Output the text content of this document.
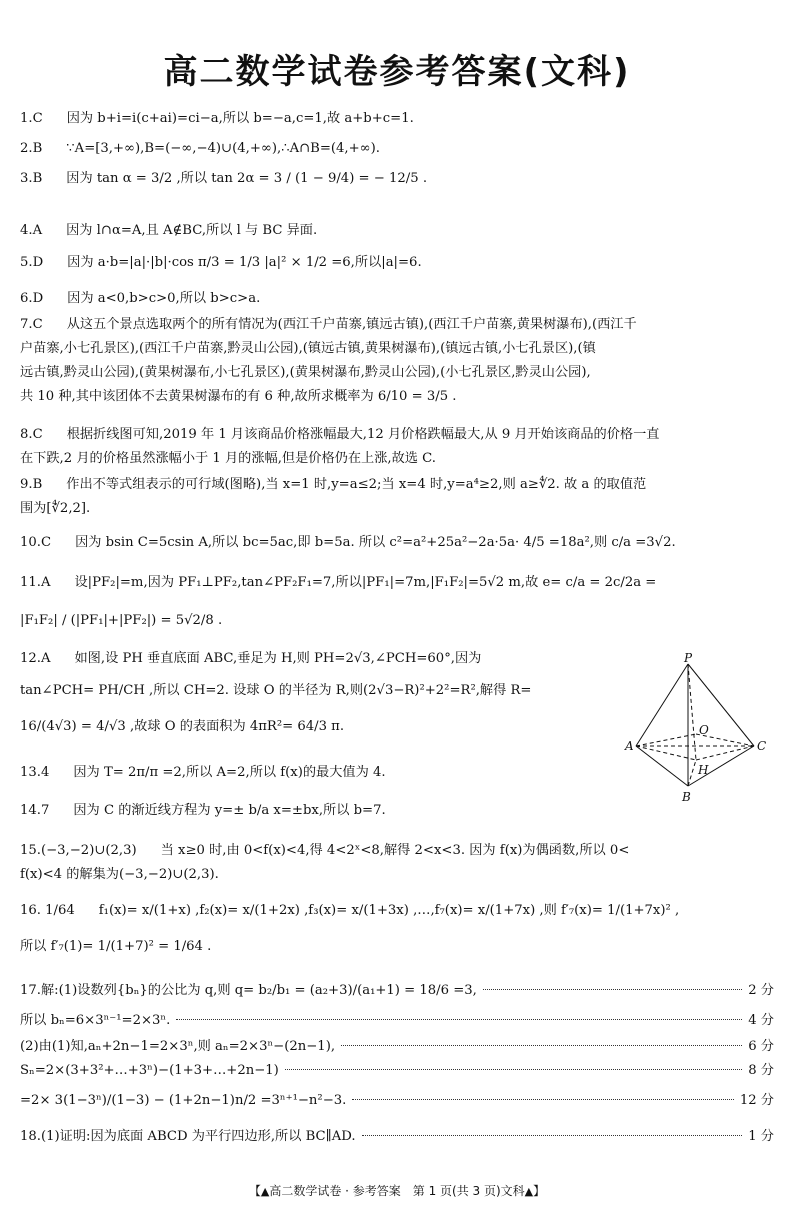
高二数学试卷参考答案(文科)
1.C 因为 b+i=i(c+ai)=ci−a,所以 b=−a,c=1,故 a+b+c=1.
2.B ∵A=[3,+∞),B=(−∞,−4)∪(4,+∞),∴A∩B=(4,+∞).
3.B 因为 tan α = 3/2 ,所以 tan 2α = 3 / (1 − 9/4) = − 12/5 .
4.A 因为 l∩α=A,且 A∉BC,所以 l 与 BC 异面.
5.D 因为 a·b=|a|·|b|·cos π/3 = 1/3 |a|² × 1/2 =6,所以|a|=6.
6.D 因为 a<0,b>c>0,所以 b>c>a.
7.C 从这五个景点选取两个的所有情况为(西江千户苗寨,镇远古镇),(西江千户苗寨,黄果树瀑布),(西江千
户苗寨,小七孔景区),(西江千户苗寨,黔灵山公园),(镇远古镇,黄果树瀑布),(镇远古镇,小七孔景区),(镇
远古镇,黔灵山公园),(黄果树瀑布,小七孔景区),(黄果树瀑布,黔灵山公园),(小七孔景区,黔灵山公园),
共 10 种,其中该团体不去黄果树瀑布的有 6 种,故所求概率为 6/10 = 3/5 .
8.C 根据折线图可知,2019 年 1 月该商品价格涨幅最大,12 月价格跌幅最大,从 9 月开始该商品的价格一直
在下跌,2 月的价格虽然涨幅小于 1 月的涨幅,但是价格仍在上涨,故选 C.
9.B 作出不等式组表示的可行域(图略),当 x=1 时,y=a≤2;当 x=4 时,y=a⁴≥2,则 a≥∜2. 故 a 的取值范
围为[∜2,2].
10.C 因为 bsin C=5csin A,所以 bc=5ac,即 b=5a. 所以 c²=a²+25a²−2a·5a· 4/5 =18a²,则 c/a =3√2.
11.A 设|PF₂|=m,因为 PF₁⊥PF₂,tan∠PF₂F₁=7,所以|PF₁|=7m,|F₁F₂|=5√2 m,故 e= c/a = 2c/2a =
|F₁F₂| / (|PF₁|+|PF₂|) = 5√2/8 .
12.A 如图,设 PH 垂直底面 ABC,垂足为 H,则 PH=2√3,∠PCH=60°,因为
tan∠PCH= PH/CH ,所以 CH=2. 设球 O 的半径为 R,则(2√3−R)²+2²=R²,解得 R=
16/(4√3) = 4/√3 ,故球 O 的表面积为 4πR²= 64/3 π.
13.4 因为 T= 2π/π =2,所以 A=2,所以 f(x)的最大值为 4.
14.7 因为 C 的渐近线方程为 y=± b/a x=±bx,所以 b=7.
15.(−3,−2)∪(2,3) 当 x≥0 时,由 0<f(x)<4,得 4<2ˣ<8,解得 2<x<3. 因为 f(x)为偶函数,所以 0<
f(x)<4 的解集为(−3,−2)∪(2,3).
16. 1/64 f₁(x)= x/(1+x) ,f₂(x)= x/(1+2x) ,f₃(x)= x/(1+3x) ,…,f₇(x)= x/(1+7x) ,则 f′₇(x)= 1/(1+7x)² ,
所以 f′₇(1)= 1/(1+7)² = 1/64 .
17. 解:(1)设数列{bₙ}的公比为 q,则 q= b₂/b₁ = (a₂+3)/(a₁+1) = 18/6 =3,	2 分
所以 bₙ=6×3ⁿ⁻¹=2×3ⁿ.	4 分
(2)由(1)知,aₙ+2n−1=2×3ⁿ,则 aₙ=2×3ⁿ−(2n−1),	6 分
Sₙ=2×(3+3²+…+3ⁿ)−(1+3+…+2n−1)	8 分
=2× 3(1−3ⁿ)/(1−3) − (1+2n−1)n/2 =3ⁿ⁺¹−n²−3.	12 分
18. (1)证明:因为底面 ABCD 为平行四边形,所以 BC∥AD.	1 分
P
A
B
C
O
H
【▲高二数学试卷 · 参考答案　第 1 页(共 3 页)文科▲】
